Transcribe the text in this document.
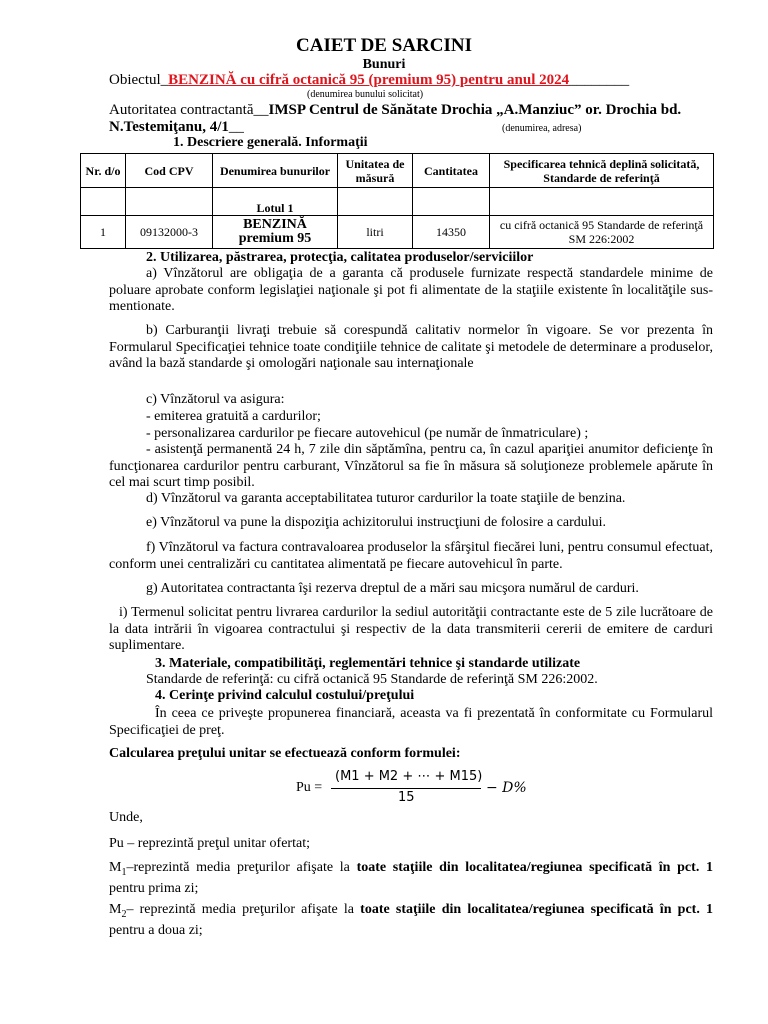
CAIET DE SARCINI
Bunuri
Obiectul_BENZINĂ cu cifră octanică 95 (premium 95) pentru anul 2024________
(denumirea bunului solicitat)
Autoritatea contractantă__IMSP Centrul de Sănătate Drochia „A.Manziuc” or. Drochia bd.
N.Testemiţanu, 4/1__	(denumirea, adresa)
1. Descriere generală. Informaţii
Nr. d/o	Cod CPV	Denumirea bunurilor	Unitatea de măsură	Cantitatea	Specificarea tehnică deplină solicitată, Standarde de referinţă
		Lotul 1			
1	09132000-3	BENZINĂ premium 95	litri	14350	cu cifră octanică 95 Standarde de referinţă SM 226:2002
2. Utilizarea, păstrarea, protecţia, calitatea produselor/serviciilor
a) Vînzătorul are obligaţia de a garanta că produsele furnizate respectă standardele minime de poluare aprobate conform legislaţiei naţionale şi pot fi alimentate de la staţiile existente în localităţile sus-mentionate.
b) Carburanţii livraţi trebuie să corespundă calitativ normelor în vigoare. Se vor prezenta în Formularul Specificaţiei tehnice toate condiţiile tehnice de calitate şi metodele de determinare a produselor, având la bază standarde şi omologări naţionale sau internaţionale
c) Vînzătorul va asigura:
- emiterea gratuită a cardurilor;
- personalizarea cardurilor pe fiecare autovehicul (pe număr de înmatriculare) ;
- asistenţă permanentă 24 h, 7 zile din săptămîna, pentru ca, în cazul apariţiei anumitor deficienţe în funcţionarea cardurilor pentru carburant, Vînzătorul sa fie în măsura să soluţioneze problemele apărute în cel mai scurt timp posibil.
d) Vînzătorul va garanta acceptabilitatea tuturor cardurilor la toate staţiile de benzina.
e) Vînzătorul va pune la dispoziţia achizitorului instrucţiuni de folosire a cardului.
f) Vînzătorul va factura contravaloarea produselor la sfârşitul fiecărei luni, pentru consumul efectuat, conform unei centralizări cu cantitatea alimentată pe fiecare autovehicul în parte.
g) Autoritatea contractanta îşi rezerva dreptul de a mări sau micşora numărul de carduri.
i) Termenul solicitat pentru livrarea cardurilor la sediul autorităţii contractante este de 5 zile lucrătoare de la data intrării în vigoarea contractului şi respectiv de la data transmiterii cererii de emitere de carduri suplimentare.
3. Materiale, compatibilităţi, reglementări tehnice şi standarde utilizate
Standarde de referinţă: cu cifră octanică 95 Standarde de referinţă SM 226:2002.
4. Cerinţe privind calculul costului/preţului
În ceea ce priveşte propunerea financiară, aceasta va fi prezentată în conformitate cu Formularul Specificaţiei de preţ.
Calcularea preţului unitar se efectuează conform formulei:
Pu =
(M1 + M2 + ⋯ + M15)
15
− D%
Unde,
Pu – reprezintă preţul unitar ofertat;
$M_1$–reprezintă media preţurilor afişate la toate staţiile din localitatea/regiunea specificată în pct. 1 pentru prima zi;
$M_2-$ reprezintă media preţurilor afişate la toate staţiile din localitatea/regiunea specificată în pct. 1 pentru a doua zi;
